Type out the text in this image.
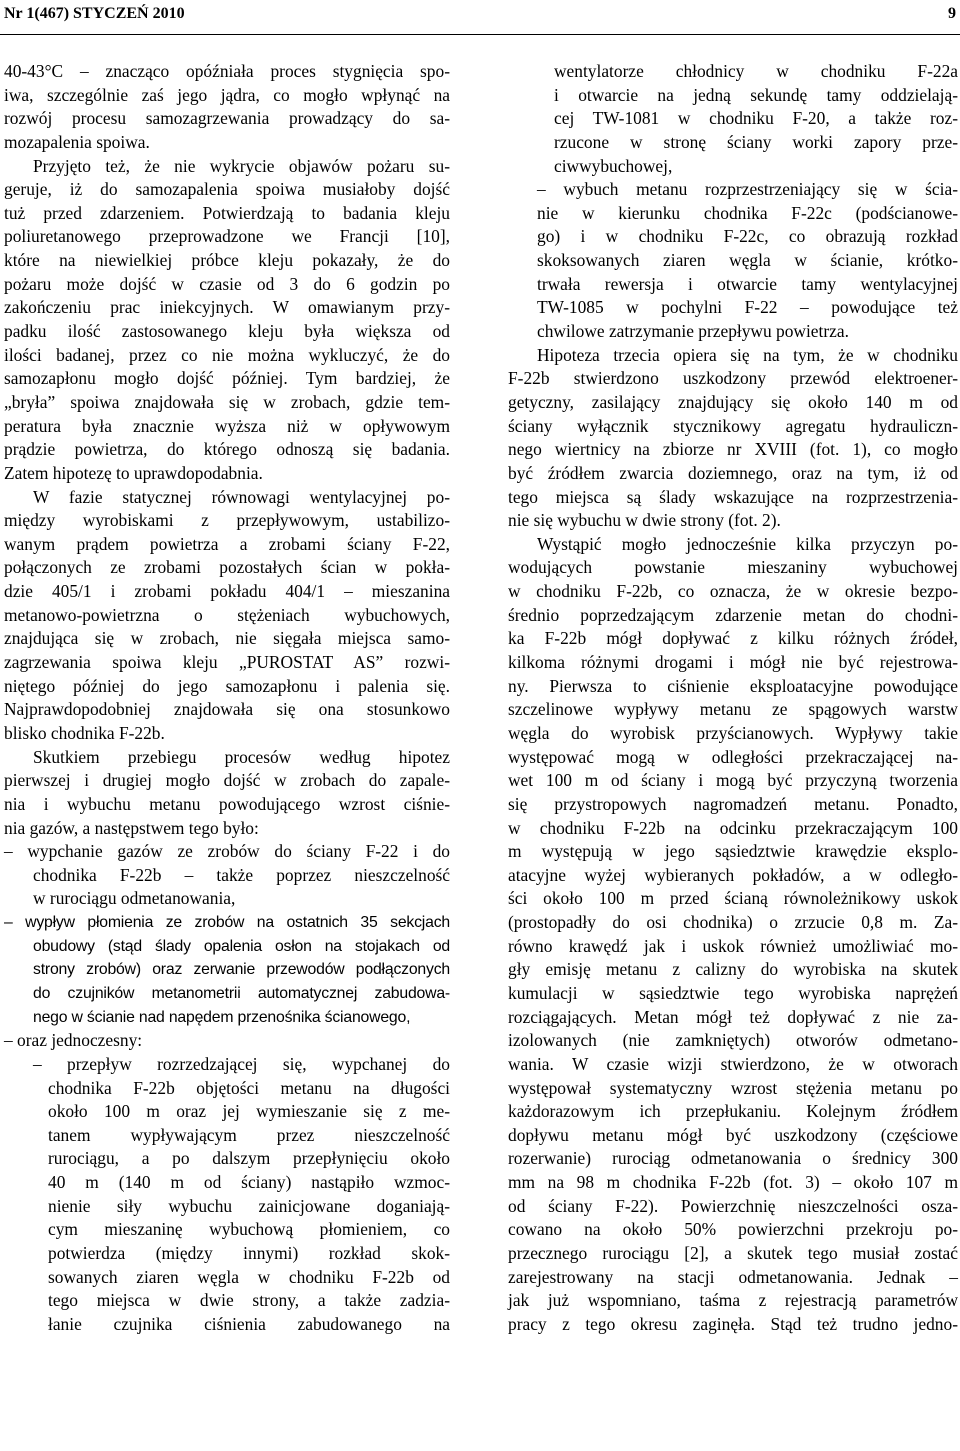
Nr 1(467) STYCZEŃ 2010	9
40-43°C – znacząco opóźniała proces stygnięcia spo-
iwa, szczególnie zaś jego jądra, co mogło wpłynąć na
rozwój procesu samozagrzewania prowadzący do sa-
mozapalenia spoiwa.
Przyjęto też, że nie wykrycie objawów pożaru su-
geruje, iż do samozapalenia spoiwa musiałoby dojść
tuż przed zdarzeniem. Potwierdzają to badania kleju
poliuretanowego przeprowadzone we Francji [10],
które na niewielkiej próbce kleju pokazały, że do
pożaru może dojść w czasie od 3 do 6 godzin po
zakończeniu prac iniekcyjnych. W omawianym przy-
padku ilość zastosowanego kleju była większa od
ilości badanej, przez co nie można wykluczyć, że do
samozapłonu mogło dojść później. Tym bardziej, że
„bryła” spoiwa znajdowała się w zrobach, gdzie tem-
peratura była znacznie wyższa niż w opływowym
prądzie powietrza, do którego odnoszą się badania.
Zatem hipotezę to uprawdopodabnia.
W fazie statycznej równowagi wentylacyjnej po-
między wyrobiskami z przepływowym, ustabilizo-
wanym prądem powietrza a zrobami ściany F-22,
połączonych ze zrobami pozostałych ścian w pokła-
dzie 405/1 i zrobami pokładu 404/1 – mieszanina
metanowo-powietrzna o stężeniach wybuchowych,
znajdująca się w zrobach, nie sięgała miejsca samo-
zagrzewania spoiwa kleju „PUROSTAT AS” rozwi-
niętego później do jego samozapłonu i palenia się.
Najprawdopodobniej znajdowała się ona stosunkowo
blisko chodnika F-22b.
Skutkiem przebiegu procesów według hipotez
pierwszej i drugiej mogło dojść w zrobach do zapale-
nia i wybuchu metanu powodującego wzrost ciśnie-
nia gazów, a następstwem tego było:
– wypchanie gazów ze zrobów do ściany F-22 i do
chodnika F-22b – także poprzez nieszczelność
w rurociągu odmetanowania,
– wypływ płomienia ze zrobów na ostatnich 35 sekcjach
obudowy (stąd ślady opalenia osłon na stojakach od
strony zrobów) oraz zerwanie przewodów podłączonych
do czujników metanometrii automatycznej zabudowa-
nego w ścianie nad napędem przenośnika ścianowego,
– oraz jednoczesny:
– przepływ rozrzedzającej się, wypchanej do
chodnika F-22b objętości metanu na długości
około 100 m oraz jej wymieszanie się z me-
tanem wypływającym przez nieszczelność
rurociągu, a po dalszym przepłynięciu około
40 m (140 m od ściany) nastąpiło wzmoc-
nienie siły wybuchu zainicjowane doganiają-
cym mieszaninę wybuchową płomieniem, co
potwierdza (między innymi) rozkład skok-
sowanych ziaren węgla w chodniku F-22b od
tego miejsca w dwie strony, a także zadzia-
łanie czujnika ciśnienia zabudowanego na
wentylatorze chłodnicy w chodniku F-22a
i otwarcie na jedną sekundę tamy oddzielają-
cej TW-1081 w chodniku F-20, a także roz-
rzucone w stronę ściany worki zapory prze-
ciwwybuchowej,
– wybuch metanu rozprzestrzeniający się w ścia-
nie w kierunku chodnika F-22c (podścianowe-
go) i w chodniku F-22c, co obrazują rozkład
skoksowanych ziaren węgla w ścianie, krótko-
trwała rewersja i otwarcie tamy wentylacyjnej
TW-1085 w pochylni F-22 – powodujące też
chwilowe zatrzymanie przepływu powietrza.
Hipoteza trzecia opiera się na tym, że w chodniku
F-22b stwierdzono uszkodzony przewód elektroener-
getyczny, zasilający znajdujący się około 140 m od
ściany wyłącznik stycznikowy agregatu hydrauliczn-
nego wiertnicy na zbiorze nr XVIII (fot. 1), co mogło
być źródłem zwarcia doziemnego, oraz na tym, iż od
tego miejsca są ślady wskazujące na rozprzestrzenia-
nie się wybuchu w dwie strony (fot. 2).
Wystąpić mogło jednocześnie kilka przyczyn po-
wodujących powstanie mieszaniny wybuchowej
w chodniku F-22b, co oznacza, że w okresie bezpo-
średnio poprzedzającym zdarzenie metan do chodni-
ka F-22b mógł dopływać z kilku różnych źródeł,
kilkoma różnymi drogami i mógł nie być rejestrowa-
ny. Pierwsza to ciśnienie eksploatacyjne powodujące
szczelinowe wypływy metanu ze spągowych warstw
węgla do wyrobisk przyścianowych. Wypływy takie
występować mogą w odległości przekraczającej na-
wet 100 m od ściany i mogą być przyczyną tworzenia
się przystropowych nagromadzeń metanu. Ponadto,
w chodniku F-22b na odcinku przekraczającym 100
m występują w jego sąsiedztwie krawędzie eksplo-
atacyjne wyżej wybieranych pokładów, a w odległo-
ści około 100 m przed ścianą równoleżnikowy uskok
(prostopadły do osi chodnika) o zrzucie 0,8 m. Za-
równo krawędź jak i uskok również umożliwiać mo-
gły emisję metanu z calizny do wyrobiska na skutek
kumulacji w sąsiedztwie tego wyrobiska naprężeń
rozciągających. Metan mógł też dopływać z nie za-
izolowanych (nie zamkniętych) otworów odmetano-
wania. W czasie wizji stwierdzono, że w otworach
występował systematyczny wzrost stężenia metanu po
każdorazowym ich przepłukaniu. Kolejnym źródłem
dopływu metanu mógł być uszkodzony (częściowe
rozerwanie) rurociąg odmetanowania o średnicy 300
mm na 98 m chodnika F-22b (fot. 3) – około 107 m
od ściany F-22). Powierzchnię nieszczelności osza-
cowano na około 50% powierzchni przekroju po-
przecznego rurociągu [2], a skutek tego musiał zostać
zarejestrowany na stacji odmetanowania. Jednak –
jak już wspomniano, taśma z rejestracją parametrów
pracy z tego okresu zaginęła. Stąd też trudno jedno-
